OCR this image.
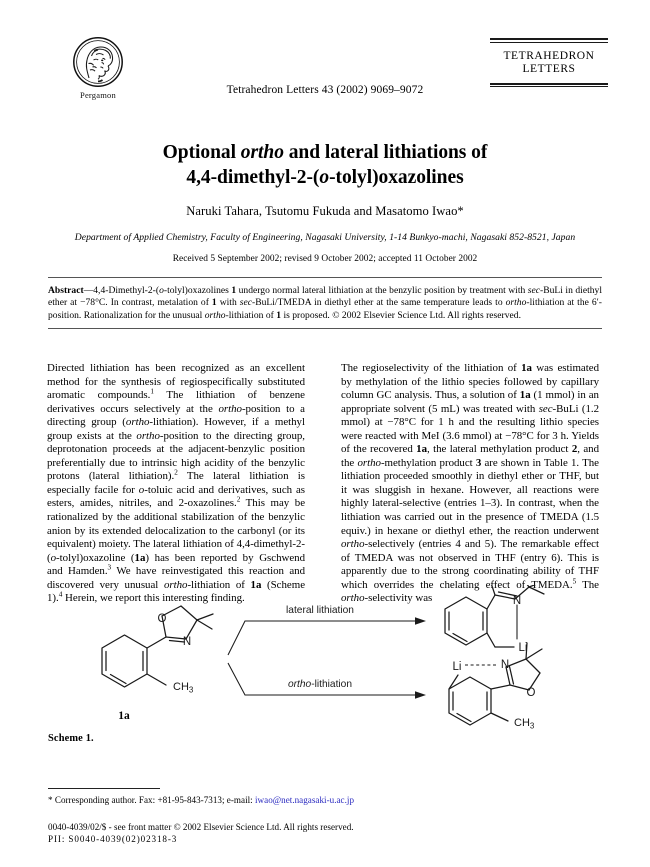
Pergamon	Tetrahedron Letters 43 (2002) 9069–9072
TETRAHEDRON
LETTERS
Optional ortho and lateral lithiations of
4,4-dimethyl-2-(o-tolyl)oxazolines
Naruki Tahara, Tsutomu Fukuda and Masatomo Iwao*
Department of Applied Chemistry, Faculty of Engineering, Nagasaki University, 1-14 Bunkyo-machi, Nagasaki 852-8521, Japan
Received 5 September 2002; revised 9 October 2002; accepted 11 October 2002
Abstract—4,4-Dimethyl-2-(o-tolyl)oxazolines 1 undergo normal lateral lithiation at the benzylic position by treatment with sec-BuLi in diethyl ether at −78°C. In contrast, metalation of 1 with sec-BuLi/TMEDA in diethyl ether at the same temperature leads to ortho-lithiation at the 6′-position. Rationalization for the unusual ortho-lithiation of 1 is proposed. © 2002 Elsevier Science Ltd. All rights reserved.
Directed lithiation has been recognized as an excellent method for the synthesis of regiospecifically substituted aromatic compounds.$^1$ The lithiation of benzene derivatives occurs selectively at the ortho-position to a directing group (ortho-lithiation). However, if a methyl group exists at the ortho-position to the directing group, deprotonation proceeds at the adjacent-benzylic position preferentially due to intrinsic high acidity of the benzylic protons (lateral lithiation).$^2$ The lateral lithiation is especially facile for o-toluic acid and derivatives, such as esters, amides, nitriles, and 2-oxazolines.$^2$ This may be rationalized by the additional stabilization of the benzylic anion by its extended delocalization to the carbonyl (or its equivalent) moiety. The lateral lithiation of 4,4-dimethyl-2-(o-tolyl)oxazoline (1a) has been reported by Gschwend and Hamden.$^3$ We have reinvestigated this reaction and discovered very unusual ortho-lithiation of 1a (Scheme 1).$^4$ Herein, we report this interesting finding.
The regioselectivity of the lithiation of 1a was estimated by methylation of the lithio species followed by capillary column GC analysis. Thus, a solution of 1a (1 mmol) in an appropriate solvent (5 mL) was treated with sec-BuLi (1.2 mmol) at −78°C for 1 h and the resulting lithio species were reacted with MeI (3.6 mmol) at −78°C for 3 h. Yields of the recovered 1a, the lateral methylation product 2, and the ortho-methylation product 3 are shown in Table 1. The lithiation proceeded smoothly in diethyl ether or THF, but it was sluggish in hexane. However, all reactions were highly lateral-selective (entries 1–3). In contrast, when the lithiation was carried out in the presence of TMEDA (1.5 equiv.) in hexane or diethyl ether, the reaction underwent ortho-selectively (entries 4 and 5). The remarkable effect of TMEDA was not observed in THF (entry 6). This is apparently due to the strong coordinating ability of THF which overrides the chelating effect of TMEDA.$^5$ The ortho-selectivity was
O
N
$CH_3$
1a
lateral lithiation
ortho-lithiation
N
Li
Li	N
O
$CH_3$
Scheme 1.
* Corresponding author. Fax: +81-95-843-7313; e-mail: iwao@net.nagasaki-u.ac.jp
0040-4039/02/$ - see front matter © 2002 Elsevier Science Ltd. All rights reserved.
PII: S0040-4039(02)02318-3
